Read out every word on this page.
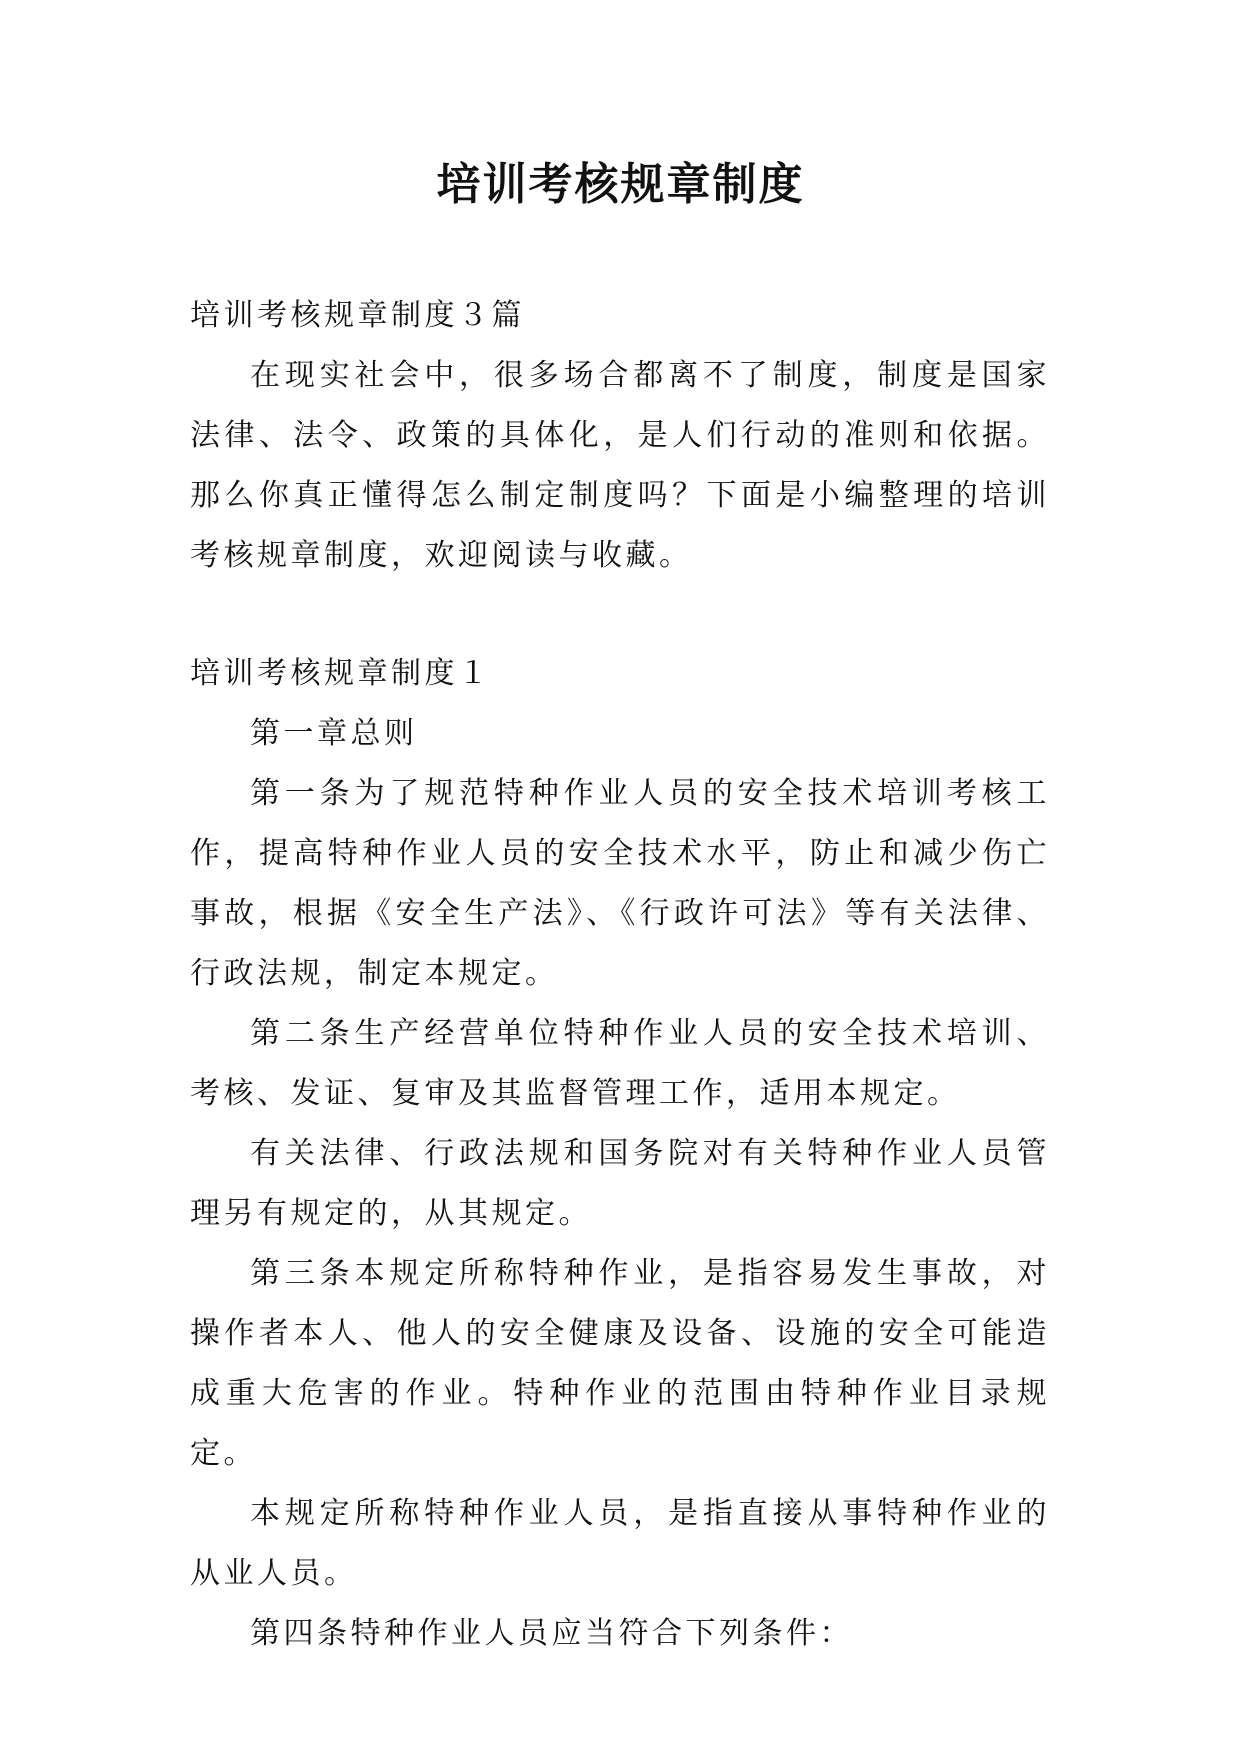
培训考核规章制度

培训考核规章制度３篇

在现实社会中，很多场合都离不了制度，制度是国家法律、法令、政策的具体化，是人们行动的准则和依据。那么你真正懂得怎么制定制度吗？下面是小编整理的培训考核规章制度，欢迎阅读与收藏。

培训考核规章制度１

第一章总则

第一条为了规范特种作业人员的安全技术培训考核工作，提高特种作业人员的安全技术水平，防止和减少伤亡事故，根据《安全生产法》、《行政许可法》等有关法律、行政法规，制定本规定。

第二条生产经营单位特种作业人员的安全技术培训、考核、发证、复审及其监督管理工作，适用本规定。

有关法律、行政法规和国务院对有关特种作业人员管理另有规定的，从其规定。

第三条本规定所称特种作业，是指容易发生事故，对操作者本人、他人的安全健康及设备、设施的安全可能造成重大危害的作业。特种作业的范围由特种作业目录规定。

本规定所称特种作业人员，是指直接从事特种作业的从业人员。

第四条特种作业人员应当符合下列条件：
